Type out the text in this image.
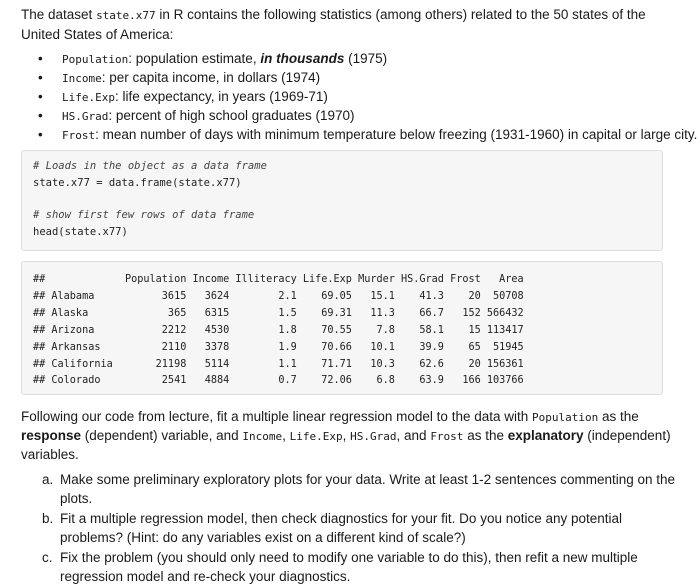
The dataset state.x77 in R contains the following statistics (among others) related to the 50 states of the United States of America:

• Population: population estimate, in thousands (1975)
• Income: per capita income, in dollars (1974)
• Life.Exp: life expectancy, in years (1969-71)
• HS.Grad: percent of high school graduates (1970)
• Frost: mean number of days with minimum temperature below freezing (1931-1960) in capital or large city.
# Loads in the object as a data frame
state.x77 = data.frame(state.x77)
# show first few rows of data frame
head(state.x77)
##             Population Income Illiteracy Life.Exp Murder HS.Grad Frost   Area
## Alabama           3615   3624        2.1    69.05   15.1    41.3    20  50708
## Alaska             365   6315        1.5    69.31   11.3    66.7   152 566432
## Arizona           2212   4530        1.8    70.55    7.8    58.1    15 113417
## Arkansas          2110   3378        1.9    70.66   10.1    39.9    65  51945
## California       21198   5114        1.1    71.71   10.3    62.6    20 156361
## Colorado          2541   4884        0.7    72.06    6.8    63.9   166 103766

Following our code from lecture, fit a multiple linear regression model to the data with Population as the response (dependent) variable, and Income, Life.Exp, HS.Grad, and Frost as the explanatory (independent) variables.

a. Make some preliminary exploratory plots for your data. Write at least 1-2 sentences commenting on the plots.
b. Fit a multiple regression model, then check diagnostics for your fit. Do you notice any potential problems? (Hint: do any variables exist on a different kind of scale?)
c. Fix the problem (you should only need to modify one variable to do this), then refit a new multiple regression model and re-check your diagnostics.
